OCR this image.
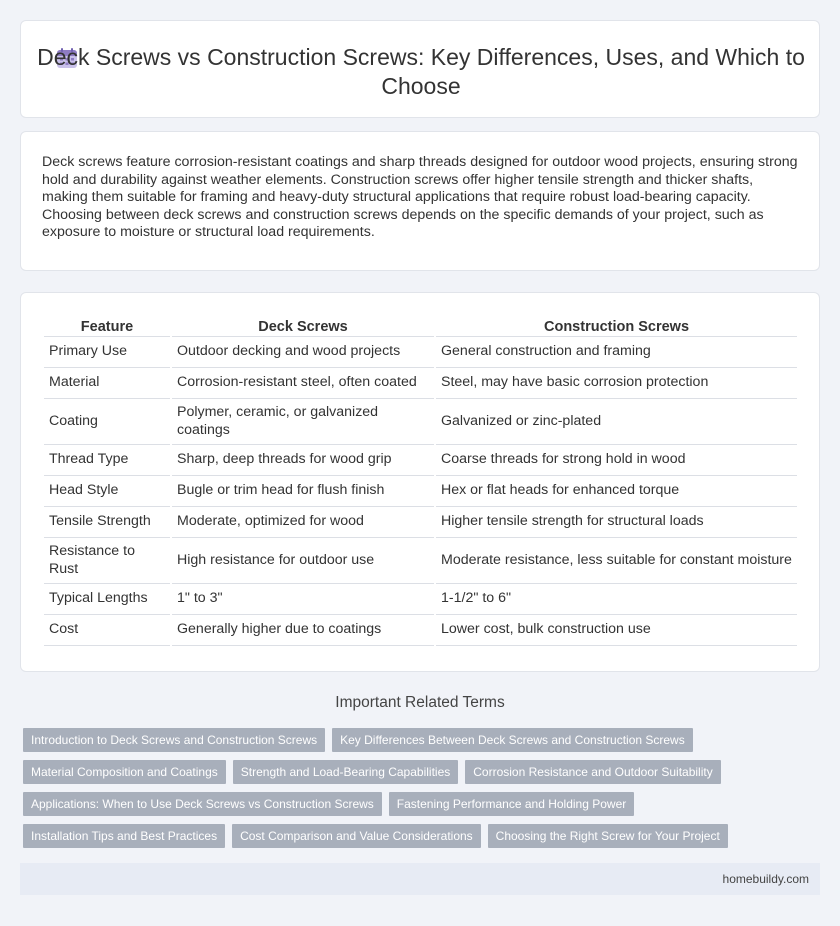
Deck Screws vs Construction Screws: Key Differences, Uses, and Which to Choose

Deck screws feature corrosion-resistant coatings and sharp threads designed for outdoor wood projects, ensuring strong hold and durability against weather elements. Construction screws offer higher tensile strength and thicker shafts, making them suitable for framing and heavy-duty structural applications that require robust load-bearing capacity. Choosing between deck screws and construction screws depends on the specific demands of your project, such as exposure to moisture or structural load requirements.

Feature	Deck Screws	Construction Screws
Primary Use	Outdoor decking and wood projects	General construction and framing
Material	Corrosion-resistant steel, often coated	Steel, may have basic corrosion protection
Coating	Polymer, ceramic, or galvanized coatings	Galvanized or zinc-plated
Thread Type	Sharp, deep threads for wood grip	Coarse threads for strong hold in wood
Head Style	Bugle or trim head for flush finish	Hex or flat heads for enhanced torque
Tensile Strength	Moderate, optimized for wood	Higher tensile strength for structural loads
Resistance to Rust	High resistance for outdoor use	Moderate resistance, less suitable for constant moisture
Typical Lengths	1" to 3"	1-1/2" to 6"
Cost	Generally higher due to coatings	Lower cost, bulk construction use
Important Related Terms
Introduction to Deck Screws and Construction Screws	Key Differences Between Deck Screws and Construction Screws
Material Composition and Coatings	Strength and Load-Bearing Capabilities	Corrosion Resistance and Outdoor Suitability
Applications: When to Use Deck Screws vs Construction Screws	Fastening Performance and Holding Power
Installation Tips and Best Practices	Cost Comparison and Value Considerations	Choosing the Right Screw for Your Project
homebuildy.com
